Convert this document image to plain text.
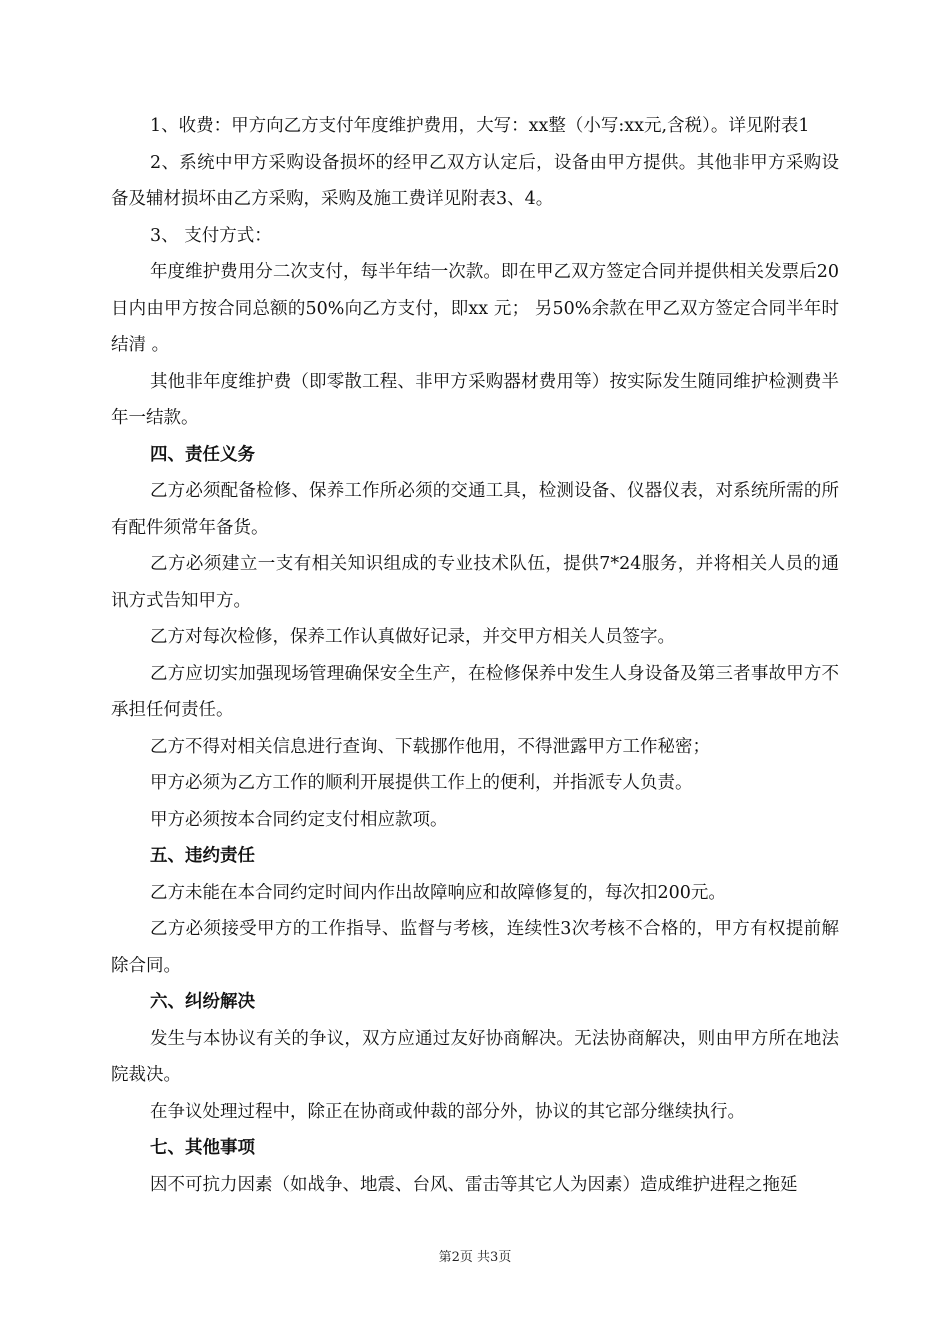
1、收费：甲方向乙方支付年度维护费用，大写：xx整（小写:xx元,含税）。详见附表1

2、系统中甲方采购设备损坏的经甲乙双方认定后，设备由甲方提供。其他非甲方采购设备及辅材损坏由乙方采购，采购及施工费详见附表3、4。

3、 支付方式：

年度维护费用分二次支付，每半年结一次款。即在甲乙双方签定合同并提供相关发票后20日内由甲方按合同总额的50%向乙方支付，即xx 元； 另50%余款在甲乙双方签定合同半年时结清 。

其他非年度维护费（即零散工程、非甲方采购器材费用等）按实际发生随同维护检测费半年一结款。

四、责任义务

乙方必须配备检修、保养工作所必须的交通工具，检测设备、仪器仪表，对系统所需的所有配件须常年备货。

乙方必须建立一支有相关知识组成的专业技术队伍，提供7*24服务，并将相关人员的通讯方式告知甲方。

乙方对每次检修，保养工作认真做好记录，并交甲方相关人员签字。

乙方应切实加强现场管理确保安全生产，在检修保养中发生人身设备及第三者事故甲方不承担任何责任。

乙方不得对相关信息进行查询、下载挪作他用，不得泄露甲方工作秘密；

甲方必须为乙方工作的顺利开展提供工作上的便利，并指派专人负责。

甲方必须按本合同约定支付相应款项。

五、违约责任

乙方未能在本合同约定时间内作出故障响应和故障修复的，每次扣200元。

乙方必须接受甲方的工作指导、监督与考核，连续性3次考核不合格的，甲方有权提前解除合同。

六、纠纷解决

发生与本协议有关的争议，双方应通过友好协商解决。无法协商解决，则由甲方所在地法院裁决。

在争议处理过程中，除正在协商或仲裁的部分外，协议的其它部分继续执行。

七、其他事项

因不可抗力因素（如战争、地震、台风、雷击等其它人为因素）造成维护进程之拖延

第2页 共3页
